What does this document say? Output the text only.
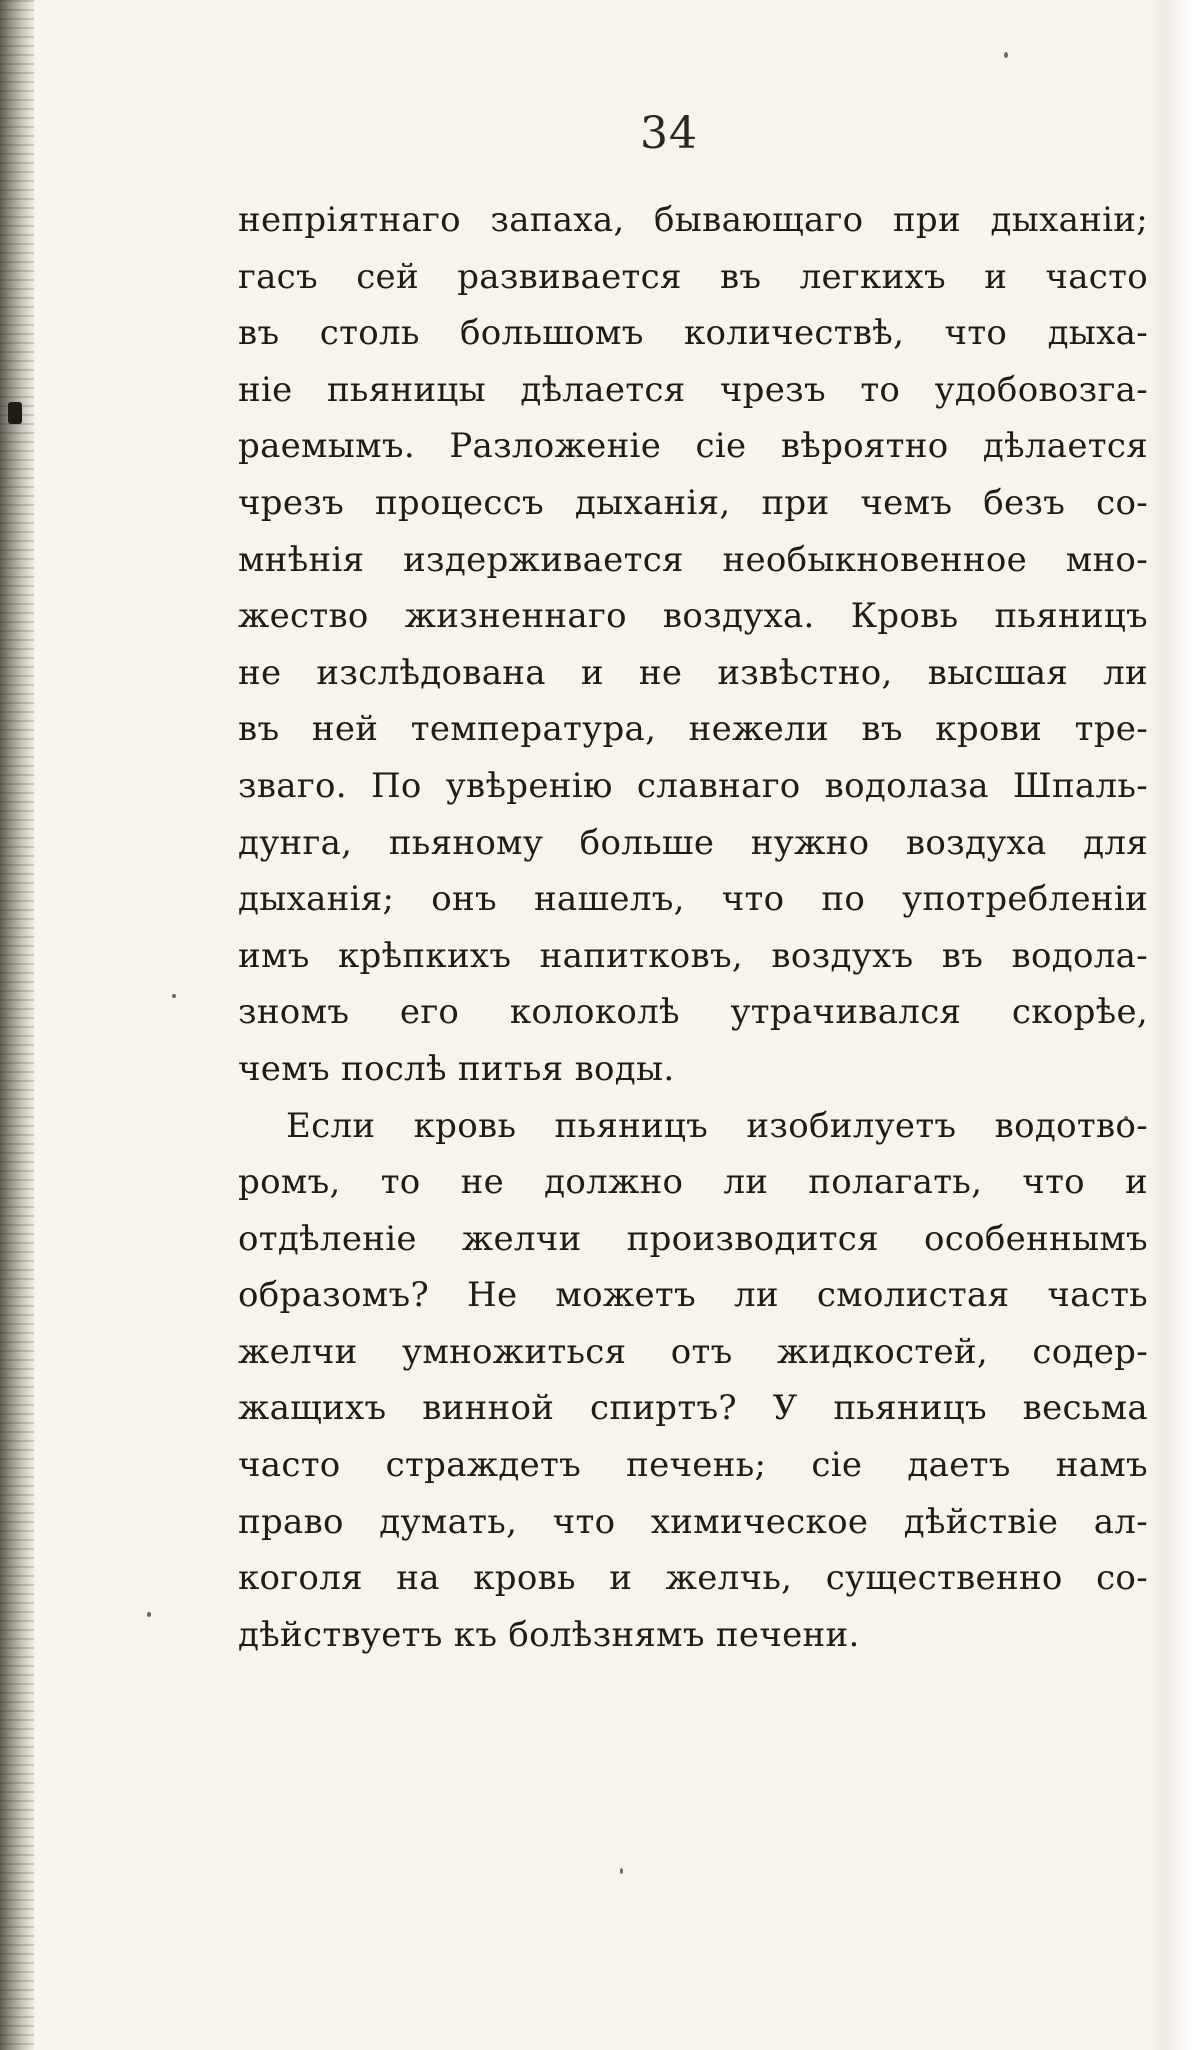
34
непріятнаго запаха, бывающаго при дыханіи;
гасъ сей развивается въ легкихъ и часто
въ столь большомъ количествѣ, что дыха-
ніе пьяницы дѣлается чрезъ то удобовозга-
раемымъ. Разложеніе сіе вѣроятно дѣлается
чрезъ процессъ дыханія, при чемъ безъ со-
мнѣнія издерживается необыкновенное мно-
жество жизненнаго воздуха. Кровь пьяницъ
не изслѣдована и не извѣстно, высшая ли
въ ней температура, нежели въ крови тре-
зваго. По увѣренію славнаго водолаза Шпаль-
дунга, пьяному больше нужно воздуха для
дыханія; онъ нашелъ, что по употребленіи
имъ крѣпкихъ напитковъ, воздухъ въ водола-
зномъ его колоколѣ утрачивался скорѣе,
чемъ послѣ питья воды.
Если кровь пьяницъ изобилуетъ водотво-
ромъ, то не должно ли полагать, что и
отдѣленіе желчи производится особеннымъ
образомъ? Не можетъ ли смолистая часть
желчи умножиться отъ жидкостей, содер-
жащихъ винной спиртъ? У пьяницъ весьма
часто страждетъ печень; сіе даетъ намъ
право думать, что химическое дѣйствіе ал-
коголя на кровь и желчь, существенно со-
дѣйствуетъ къ болѣзнямъ печени.
